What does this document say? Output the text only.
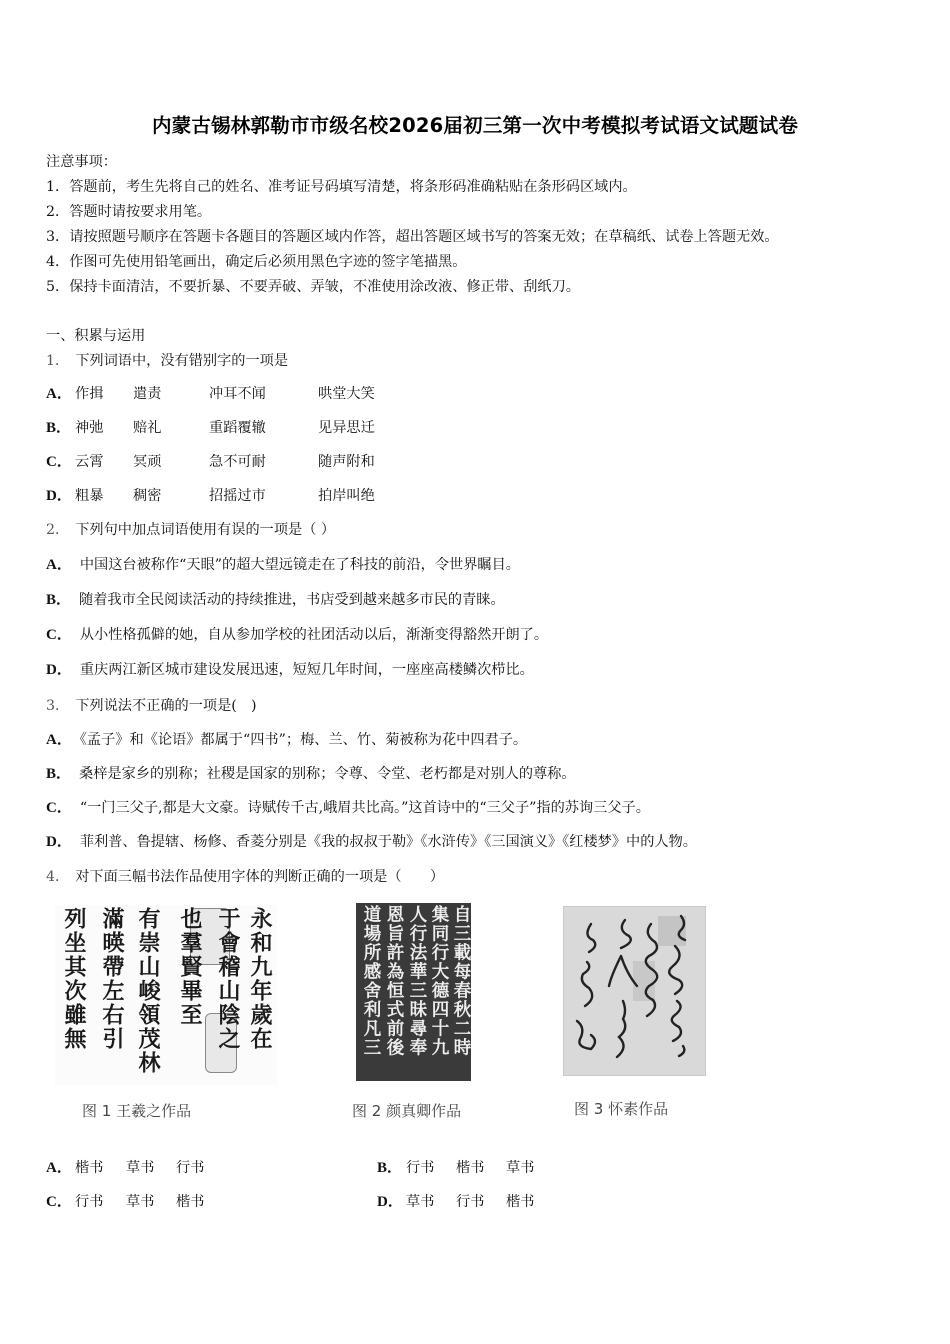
内蒙古锡林郭勒市市级名校2026届初三第一次中考模拟考试语文试题试卷
注意事项：
1．答题前，考生先将自己的姓名、准考证号码填写清楚，将条形码准确粘贴在条形码区域内。
2．答题时请按要求用笔。
3．请按照题号顺序在答题卡各题目的答题区域内作答，超出答题区域书写的答案无效；在草稿纸、试卷上答题无效。
4．作图可先使用铅笔画出，确定后必须用黑色字迹的签字笔描黑。
5．保持卡面清洁，不要折暴、不要弄破、弄皱，不准使用涂改液、修正带、刮纸刀。
一、积累与运用
1． 下列词语中，没有错别字的一项是
A． 作揖 遣责	冲耳不闻	哄堂大笑
B． 神弛 赔礼	重蹈覆辙	见异思迁
C． 云霄 冥顽	急不可耐	随声附和
D． 粗暴 稠密	招摇过市	拍岸叫绝
2． 下列句中加点词语使用有误的一项是（ ）
A． 中国这台被称作“天眼”的超大望远镜走在了科技的前沿，令世界瞩目。
B． 随着我市全民阅读活动的持续推进，书店受到越来越多市民的青睐。
C． 从小性格孤僻的她，自从参加学校的社团活动以后，渐渐变得豁然开朗了。
D． 重庆两江新区城市建设发展迅速，短短几年时间，一座座高楼鳞次栉比。
3． 下列说法不正确的一项是(　)
A． 《孟子》和《论语》都属于“四书”；梅、兰、竹、菊被称为花中四君子。
B． 桑梓是家乡的别称；社稷是国家的别称；令尊、令堂、老朽都是对别人的尊称。
C． “一门三父子,都是大文豪。诗赋传千古,峨眉共比高。”这首诗中的“三父子”指的苏询三父子。
D． 菲利普、鲁提辖、杨修、香菱分别是《我的叔叔于勒》《水浒传》《三国演义》《红楼梦》中的人物。
4． 对下面三幅书法作品使用字体的判断正确的一项是（　　）
永和九年歲在
于會稽山陰之
也羣賢畢至
有崇山峻領茂林
滿暎帶左右引
列坐其次雖無
图 1 王羲之作品
自三載每春秋二時
集同行大德四十九
人行法華三昧尋奉
恩旨許為恒式前後
道場所感舍利凡三
图 2 颜真卿作品	图 3 怀素作品
A． 楷书 草书 行书	B． 行书 楷书 草书
C． 行书 草书 楷书	D． 草书 行书 楷书
